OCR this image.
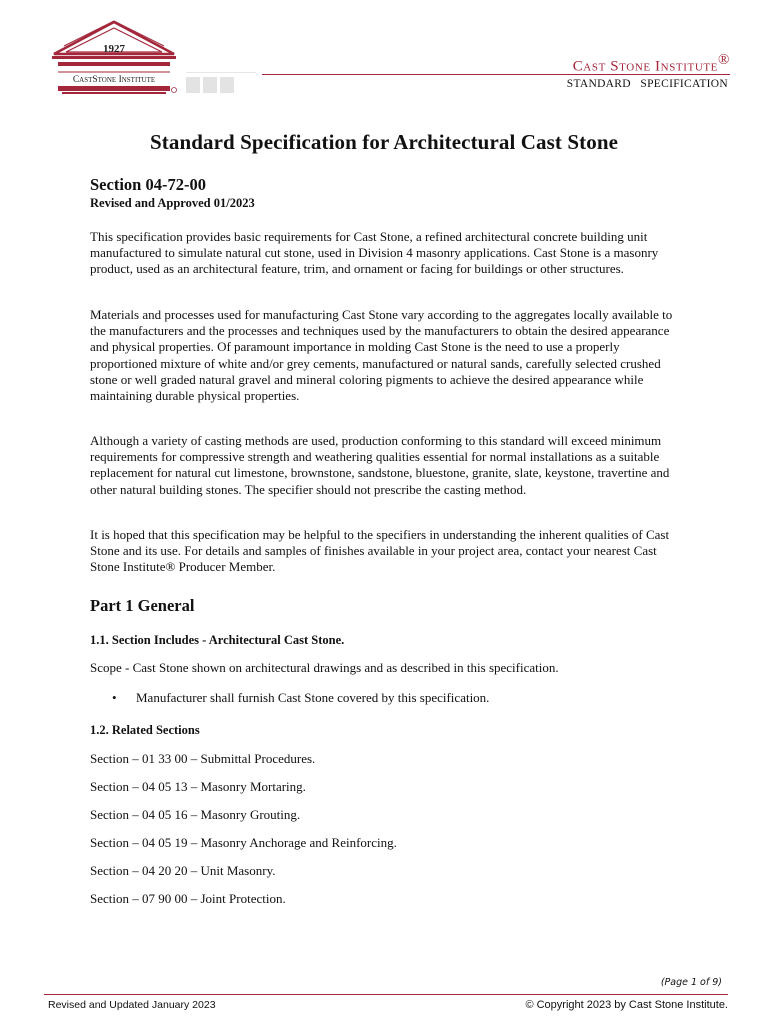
1927
CastStone Institute
Cast Stone Institute®
STANDARD   SPECIFICATION
Standard Specification for Architectural Cast Stone
Section 04-72-00
Revised and Approved 01/2023

This specification provides basic requirements for Cast Stone, a refined architectural concrete building unit manufactured to simulate natural cut stone, used in Division 4 masonry applications. Cast Stone is a masonry product, used as an architectural feature, trim, and ornament or facing for buildings or other structures.

Materials and processes used for manufacturing Cast Stone vary according to the aggregates locally available to the manufacturers and the processes and techniques used by the manufacturers to obtain the desired appearance and physical properties. Of paramount importance in molding Cast Stone is the need to use a properly proportioned mixture of white and/or grey cements, manufactured or natural sands, carefully selected crushed stone or well graded natural gravel and mineral coloring pigments to achieve the desired appearance while maintaining durable physical properties.

Although a variety of casting methods are used, production conforming to this standard will exceed minimum requirements for compressive strength and weathering qualities essential for normal installations as a suitable replacement for natural cut limestone, brownstone, sandstone, bluestone, granite, slate, keystone, travertine and other natural building stones. The specifier should not prescribe the casting method.

It is hoped that this specification may be helpful to the specifiers in understanding the inherent qualities of Cast Stone and its use. For details and samples of finishes available in your project area, contact your nearest Cast Stone Institute® Producer Member.

Part 1 General
1.1. Section Includes - Architectural Cast Stone.
Scope - Cast Stone shown on architectural drawings and as described in this specification.
• Manufacturer shall furnish Cast Stone covered by this specification.
1.2. Related Sections
Section – 01 33 00 – Submittal Procedures.
Section – 04 05 13 – Masonry Mortaring.
Section – 04 05 16 – Masonry Grouting.
Section – 04 05 19 – Masonry Anchorage and Reinforcing.
Section – 04 20 20 – Unit Masonry.
Section – 07 90 00 – Joint Protection.
(Page 1 of 9)
Revised and Updated January 2023	© Copyright 2023 by Cast Stone Institute.
